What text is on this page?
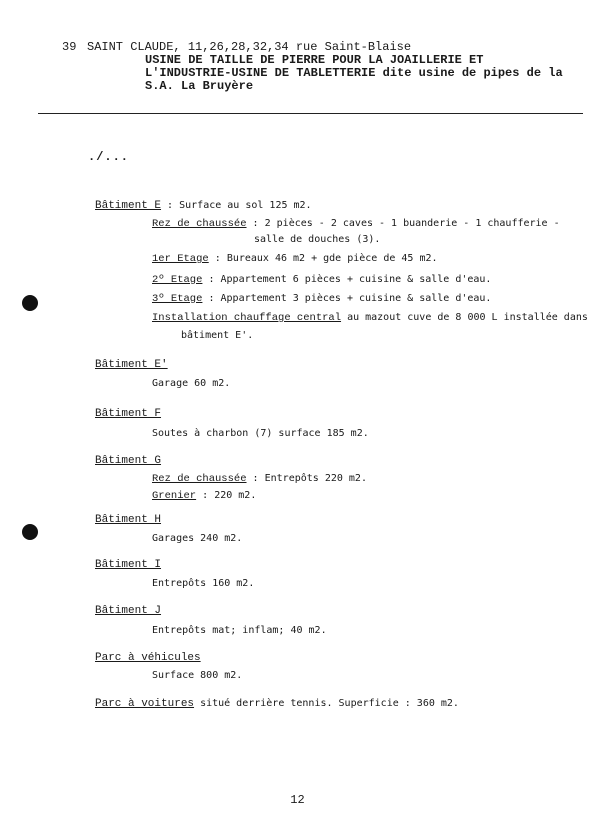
39 SAINT CLAUDE, 11,26,28,32,34 rue Saint-Blaise
USINE DE TAILLE DE PIERRE POUR LA JOAILLERIE ET
L'INDUSTRIE-USINE DE TABLETTERIE dite usine de pipes de la
S.A. La Bruyère
./...
Bâtiment E : Surface au sol 125 m2.
Rez de chaussée : 2 pièces - 2 caves - 1 buanderie - 1 chaufferie -
salle de douches (3).
1er Etage : Bureaux 46 m2 + gde pièce de 45 m2.
2º Etage : Appartement 6 pièces + cuisine & salle d'eau.
3º Etage : Appartement 3 pièces + cuisine & salle d'eau.
Installation chauffage central au mazout cuve de 8 000 L installée dans
bâtiment E'.
Bâtiment E'
Garage 60 m2.
Bâtiment F
Soutes à charbon (7) surface 185 m2.
Bâtiment G
Rez de chaussée : Entrepôts 220 m2.
Grenier : 220 m2.
Bâtiment H
Garages 240 m2.
Bâtiment I
Entrepôts 160 m2.
Bâtiment J
Entrepôts mat; inflam; 40 m2.
Parc à véhicules
Surface 800 m2.
Parc à voitures situé derrière tennis. Superficie : 360 m2.
12
